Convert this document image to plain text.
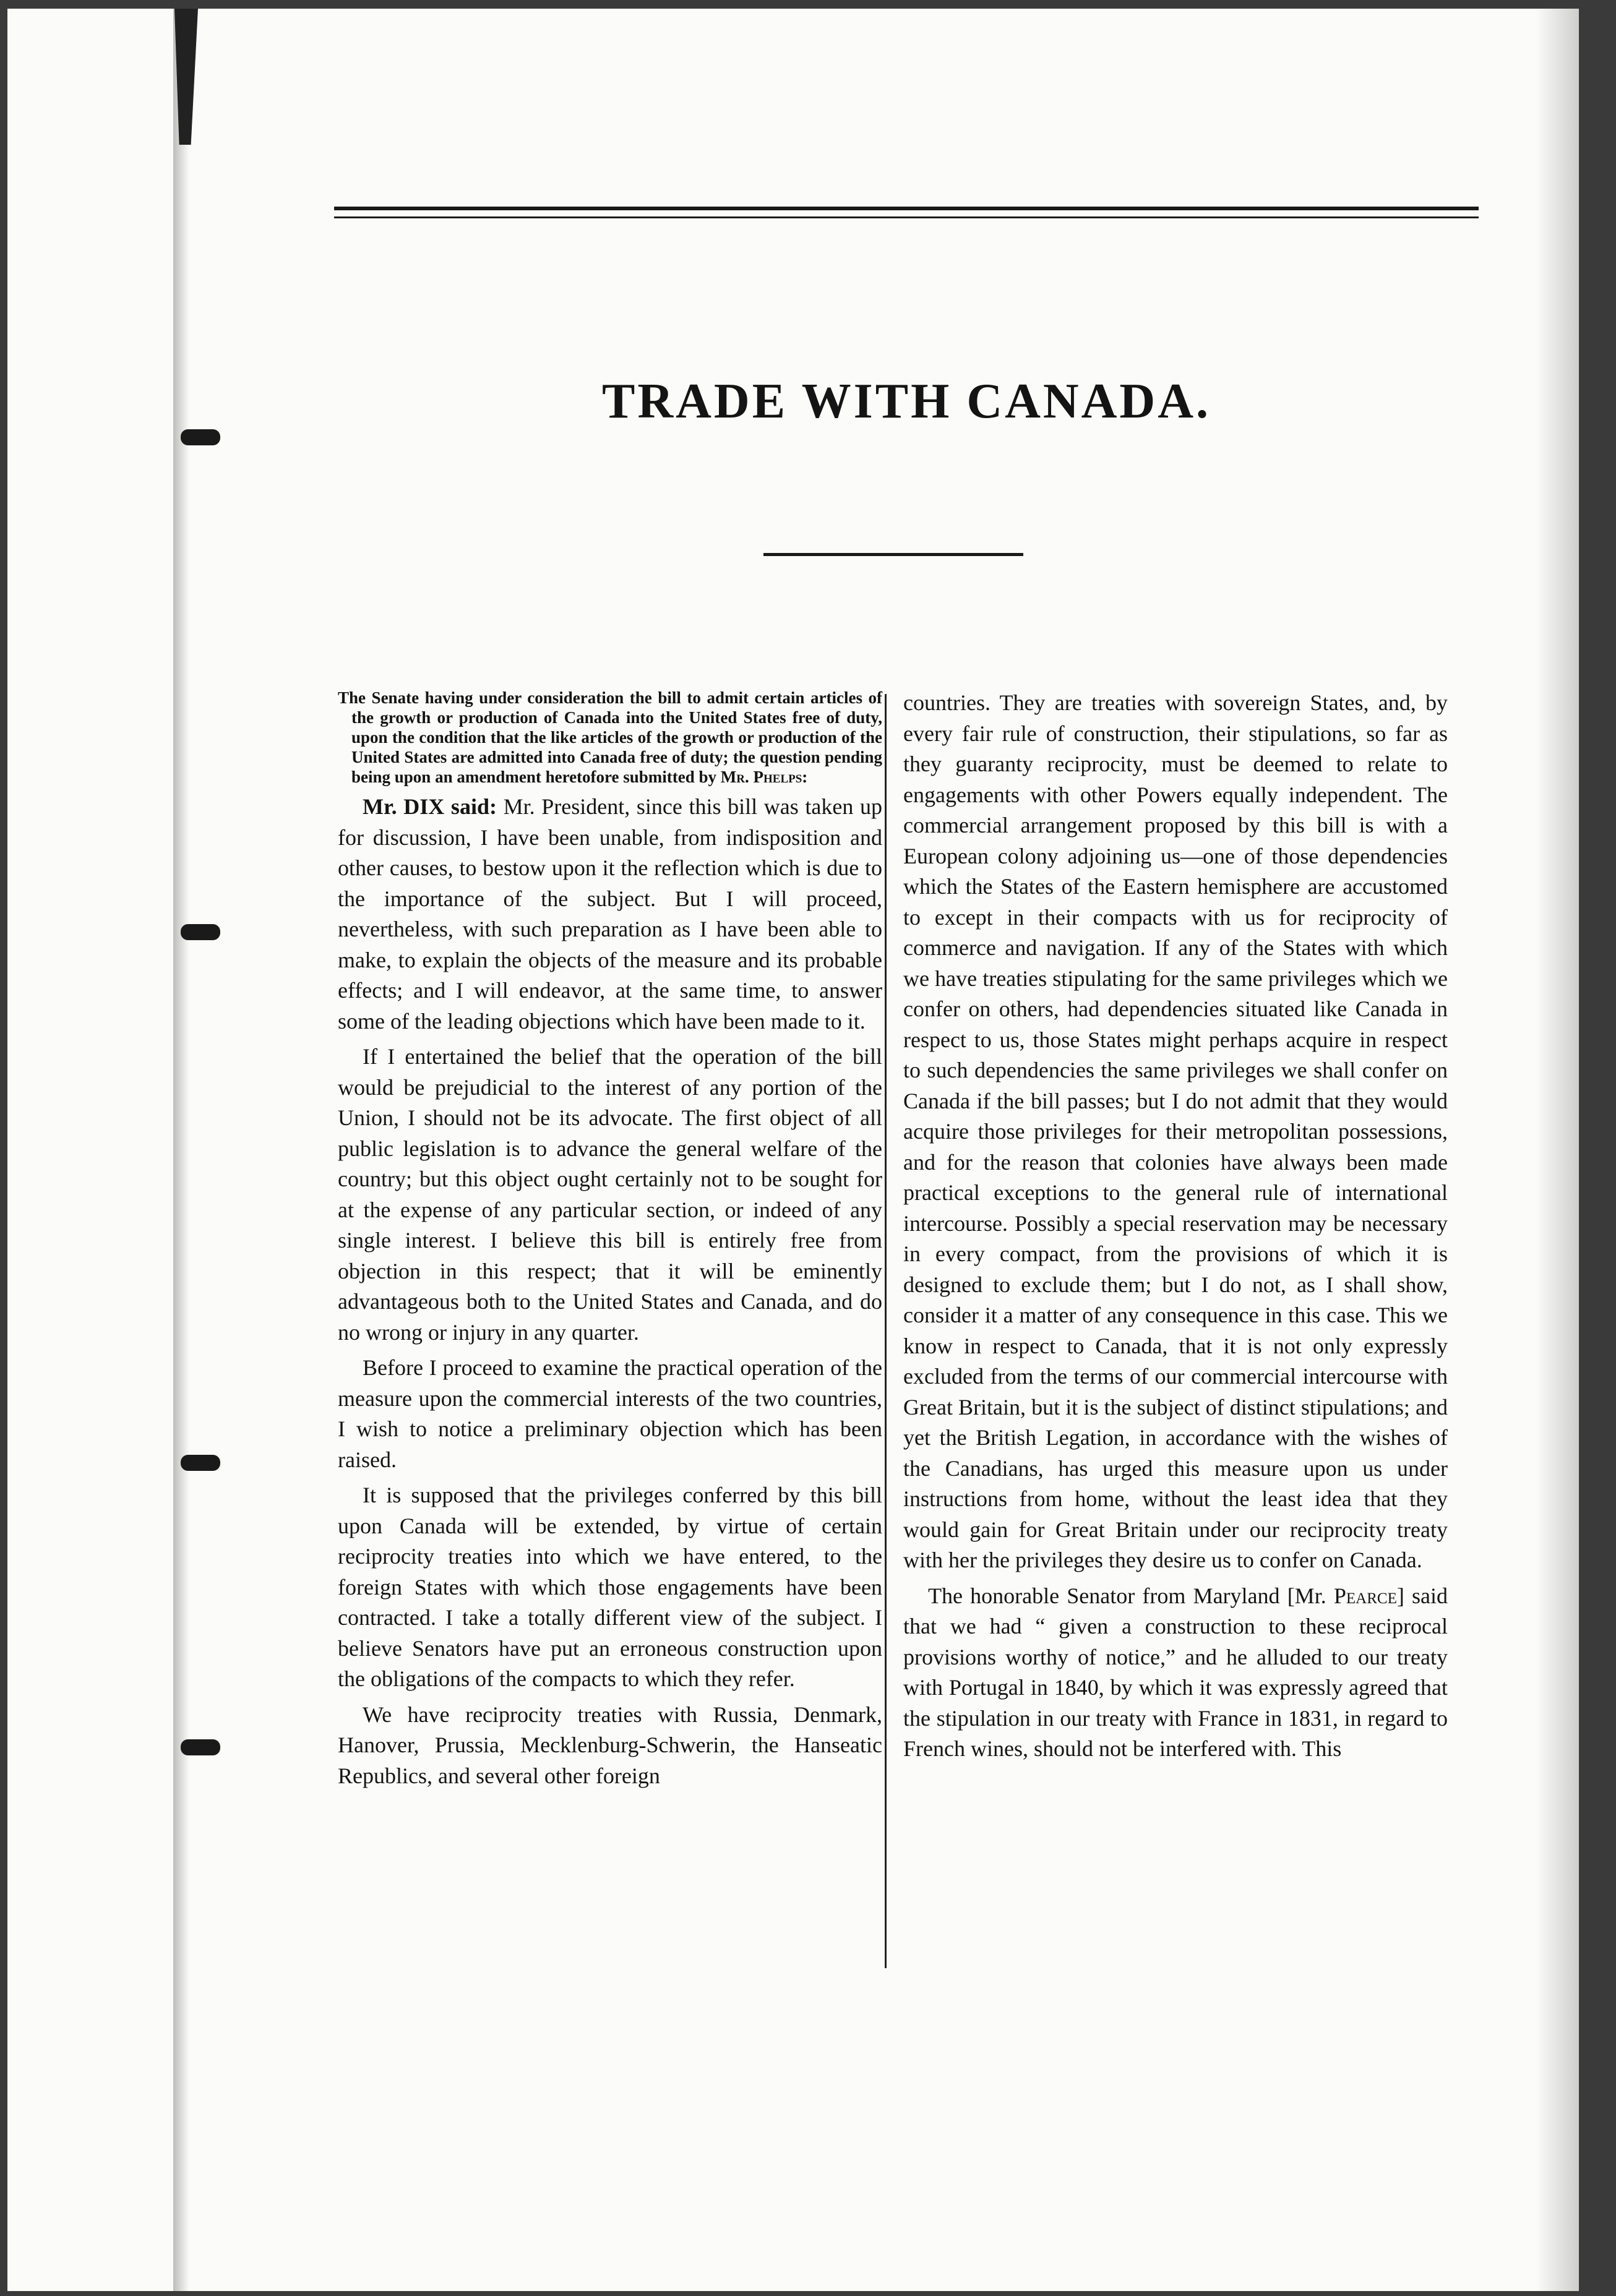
TRADE WITH CANADA.

The Senate having under consideration the bill to admit certain articles of the growth or production of Canada into the United States free of duty, upon the condition that the like articles of the growth or production of the United States are admitted into Canada free of duty; the question pending being upon an amendment heretofore submitted by Mr. Phelps:

Mr. DIX said: Mr. President, since this bill was taken up for discussion, I have been unable, from indisposition and other causes, to bestow upon it the reflection which is due to the importance of the subject. But I will proceed, nevertheless, with such preparation as I have been able to make, to explain the objects of the measure and its probable effects; and I will endeavor, at the same time, to answer some of the leading objections which have been made to it.

If I entertained the belief that the operation of the bill would be prejudicial to the interest of any portion of the Union, I should not be its advocate. The first object of all public legislation is to advance the general welfare of the country; but this object ought certainly not to be sought for at the expense of any particular section, or indeed of any single interest. I believe this bill is entirely free from objection in this respect; that it will be eminently advantageous both to the United States and Canada, and do no wrong or injury in any quarter.

Before I proceed to examine the practical operation of the measure upon the commercial interests of the two countries, I wish to notice a preliminary objection which has been raised.

It is supposed that the privileges conferred by this bill upon Canada will be extended, by virtue of certain reciprocity treaties into which we have entered, to the foreign States with which those engagements have been contracted. I take a totally different view of the subject. I believe Senators have put an erroneous construction upon the obligations of the compacts to which they refer.

We have reciprocity treaties with Russia, Denmark, Hanover, Prussia, Mecklenburg-Schwerin, the Hanseatic Republics, and several other foreign

countries. They are treaties with sovereign States, and, by every fair rule of construction, their stipulations, so far as they guaranty reciprocity, must be deemed to relate to engagements with other Powers equally independent. The commercial arrangement proposed by this bill is with a European colony adjoining us—one of those dependencies which the States of the Eastern hemisphere are accustomed to except in their compacts with us for reciprocity of commerce and navigation. If any of the States with which we have treaties stipulating for the same privileges which we confer on others, had dependencies situated like Canada in respect to us, those States might perhaps acquire in respect to such dependencies the same privileges we shall confer on Canada if the bill passes; but I do not admit that they would acquire those privileges for their metropolitan possessions, and for the reason that colonies have always been made practical exceptions to the general rule of international intercourse. Possibly a special reservation may be necessary in every compact, from the provisions of which it is designed to exclude them; but I do not, as I shall show, consider it a matter of any consequence in this case. This we know in respect to Canada, that it is not only expressly excluded from the terms of our commercial intercourse with Great Britain, but it is the subject of distinct stipulations; and yet the British Legation, in accordance with the wishes of the Canadians, has urged this measure upon us under instructions from home, without the least idea that they would gain for Great Britain under our reciprocity treaty with her the privileges they desire us to confer on Canada.

The honorable Senator from Maryland [Mr. Pearce] said that we had “ given a construction to these reciprocal provisions worthy of notice,” and he alluded to our treaty with Portugal in 1840, by which it was expressly agreed that the stipulation in our treaty with France in 1831, in regard to French wines, should not be interfered with. This
